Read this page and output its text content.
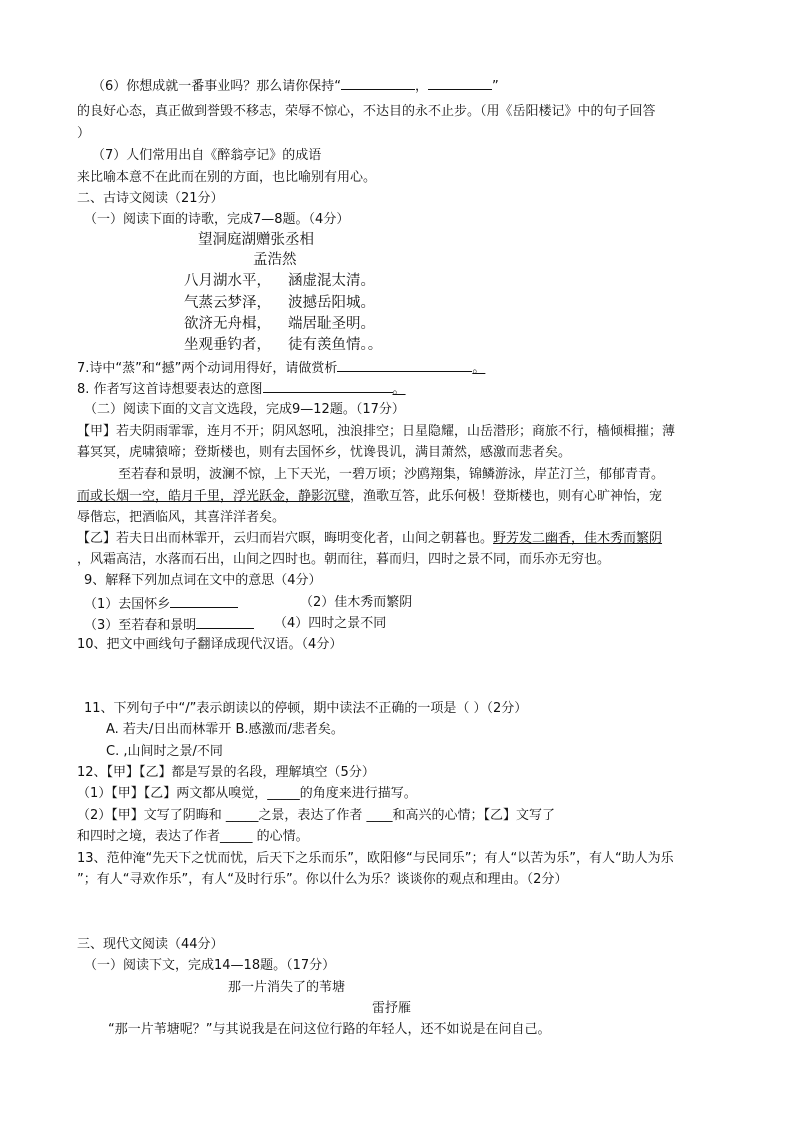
（6）你想成就一番事业吗？那么请你保持“	，	”
的良好心态，真正做到誉毁不移志，荣辱不惊心，不达目的永不止步。（用《岳阳楼记》中的句子回答
）
（7）人们常用出自《醉翁亭记》的成语
来比喻本意不在此而在别的方面，也比喻别有用心。
二、古诗文阅读（21分）
（一）阅读下面的诗歌，完成7—8题。（4分）
望洞庭湖赠张丞相
孟浩然
八月湖水平， 涵虚混太清。
气蒸云梦泽， 波撼岳阳城。
欲济无舟楫， 端居耻圣明。
坐观垂钓者， 徒有羡鱼情。。
7.诗中“蒸”和“撼”两个动词用得好，请做赏析	。
8. 作者写这首诗想要表达的意图	。
（二）阅读下面的文言文选段，完成9—12题。（17分）
【甲】若夫阴雨霏霏，连月不开；阴风怒吼，浊浪排空；日星隐耀，山岳潜形；商旅不行，樯倾楫摧；薄
暮冥冥，虎啸猿啼；登斯楼也，则有去国怀乡，忧谗畏讥，满目萧然，感激而悲者矣。
至若春和景明，波澜不惊，上下天光，一碧万顷；沙鸥翔集，锦鳞游泳，岸芷汀兰，郁郁青青。
而或长烟一空，皓月千里，浮光跃金，静影沉璧，渔歌互答，此乐何极！登斯楼也，则有心旷神怡，宠
辱偕忘，把酒临风，其喜洋洋者矣。
【乙】若夫日出而林霏开，云归而岩穴暝，晦明变化者，山间之朝暮也。野芳发二幽香，佳木秀而繁阴
，风霜高洁，水落而石出，山间之四时也。朝而往，暮而归，四时之景不同，而乐亦无穷也。
9、解释下列加点词在文中的意思（4分）
（1）去国怀乡	（2）佳木秀而繁阴
（3）至若春和景明	（4）四时之景不同
10、把文中画线句子翻译成现代汉语。（4分）
11、下列句子中“/”表示朗读以的停顿，期中读法不正确的一项是（ ）（2分）
A. 若夫/日出而林霏开 B.感激而/悲者矣。
C. ,山间时之景/不同
12、【甲】【乙】都是写景的名段，理解填空（5分）
（1）【甲】【乙】两文都从嗅觉，_____的角度来进行描写。
（2）【甲】文写了阴晦和 _____之景，表达了作者 ____和高兴的心情；【乙】文写了
和四时之境，表达了作者_____ 的心情。
13、范仲淹“先天下之忧而忧，后天下之乐而乐”，欧阳修“与民同乐”；有人“以苦为乐”，有人“助人为乐
”；有人“寻欢作乐”，有人“及时行乐”。你以什么为乐？谈谈你的观点和理由。（2分）
三、现代文阅读（44分）
（一）阅读下文，完成14—18题。（17分）
那一片消失了的苇塘
雷抒雁
“那一片苇塘呢？”与其说我是在问这位行路的年轻人，还不如说是在问自己。
